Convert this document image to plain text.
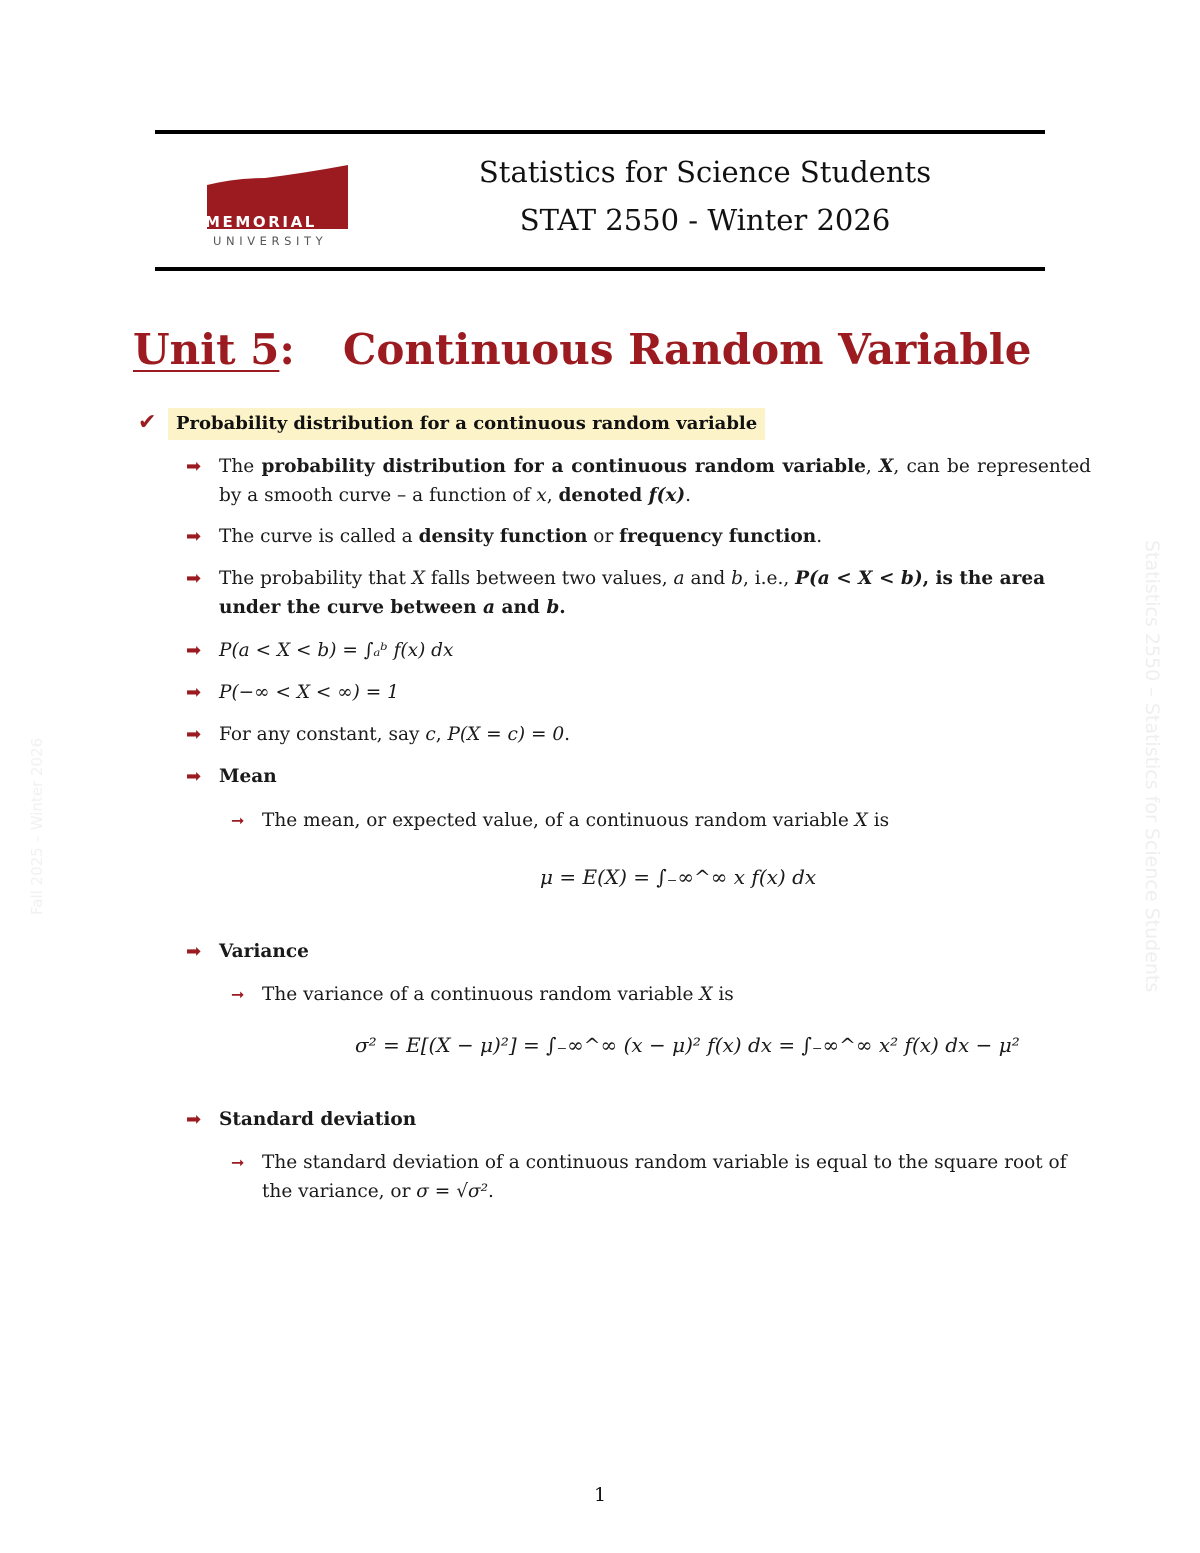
MEMORIAL
UNIVERSITY
Statistics for Science Students
STAT 2550 - Winter 2026
Unit 5: Continuous Random Variable
✔	Probability distribution for a continuous random variable
➡ The probability distribution for a continuous random variable, X, can be represented by a smooth curve – a function of x, denoted f(x).
➡ The curve is called a density function or frequency function.
➡ The probability that X falls between two values, a and b, i.e., P(a < X < b), is the area under the curve between a and b.
➡ P(a < X < b) = ∫ₐᵇ f(x) dx
➡ P(−∞ < X < ∞) = 1
➡ For any constant, say c, P(X = c) = 0.
➡ Mean
➞ The mean, or expected value, of a continuous random variable X is
μ = E(X) = ∫₋∞^∞ x f(x) dx
➡ Variance
➞ The variance of a continuous random variable X is
σ² = E[(X − μ)²] = ∫₋∞^∞ (x − μ)² f(x) dx = ∫₋∞^∞ x² f(x) dx − μ²
➡ Standard deviation
➞ The standard deviation of a continuous random variable is equal to the square root of the variance, or σ = √σ².
Statistics 2550 – Statistics for Science Students
Fall 2025 – Winter 2026
1
